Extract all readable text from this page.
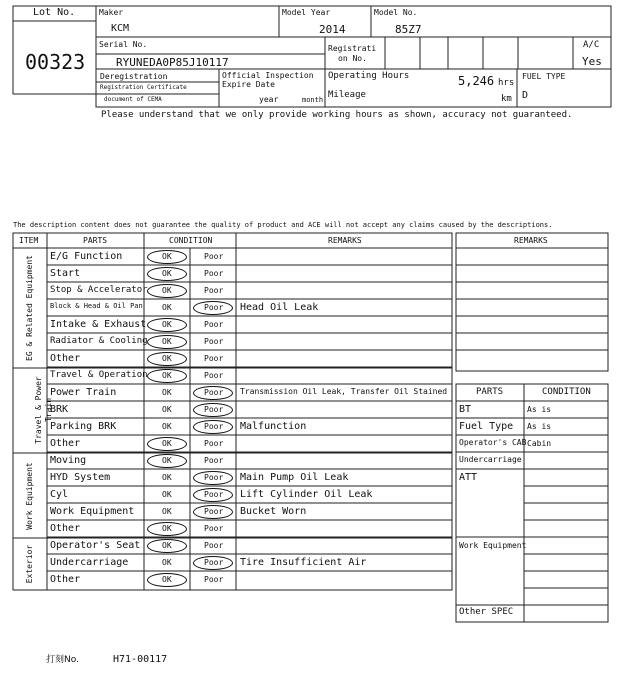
Lot No.
00323
Maker
KCM
Model Year
2014
Model No.
85Z7
Serial No.
RYUNEDA0P85J10117
Registrati
on No.
A/C
Yes
Deregistration
Registration Certificate
document of CEMA
Official Inspection
Expire Date
year	month
Operating Hours	5,246 hrs
Mileage	km
FUEL TYPE
D
Please understand that we only provide working hours as shown, accuracy not guaranteed.
The description content does not guarantee the quality of product and ACE will not accept any claims caused by the descriptions.
ITEM	PARTS	CONDITION	REMARKS
EG & Related Equipment
Travel & Power Train
Work Equipment
Exterior
E/G Function	OK	Poor
Start	OK	Poor
Stop & Accelerator OK	Poor
Block & Head & Oil Pan OK	Poor Head Oil Leak
Intake & Exhaust OK	Poor
Radiator & Cooling OK	Poor
Other	OK	Poor
Travel & Operation OK	Poor
Power Train	OK	Poor Transmission Oil Leak, Transfer Oil Stained
BRK	OK	Poor
Parking BRK	OK	Poor Malfunction
Other	OK	Poor
Moving	OK	Poor
HYD System	OK	Poor Main Pump Oil Leak
Cyl	OK	Poor Lift Cylinder Oil Leak
Work Equipment	OK	Poor Bucket Worn
Other	OK	Poor
Operator's Seat	OK	Poor
Undercarriage	OK	Poor Tire Insufficient Air
Other	OK	Poor
REMARKS
PARTS	CONDITION
BT	As is
Fuel Type As is
Operator's CAB Cabin
Undercarriage
ATT
Work Equipment
Other SPEC
打刻No.	H71-00117
